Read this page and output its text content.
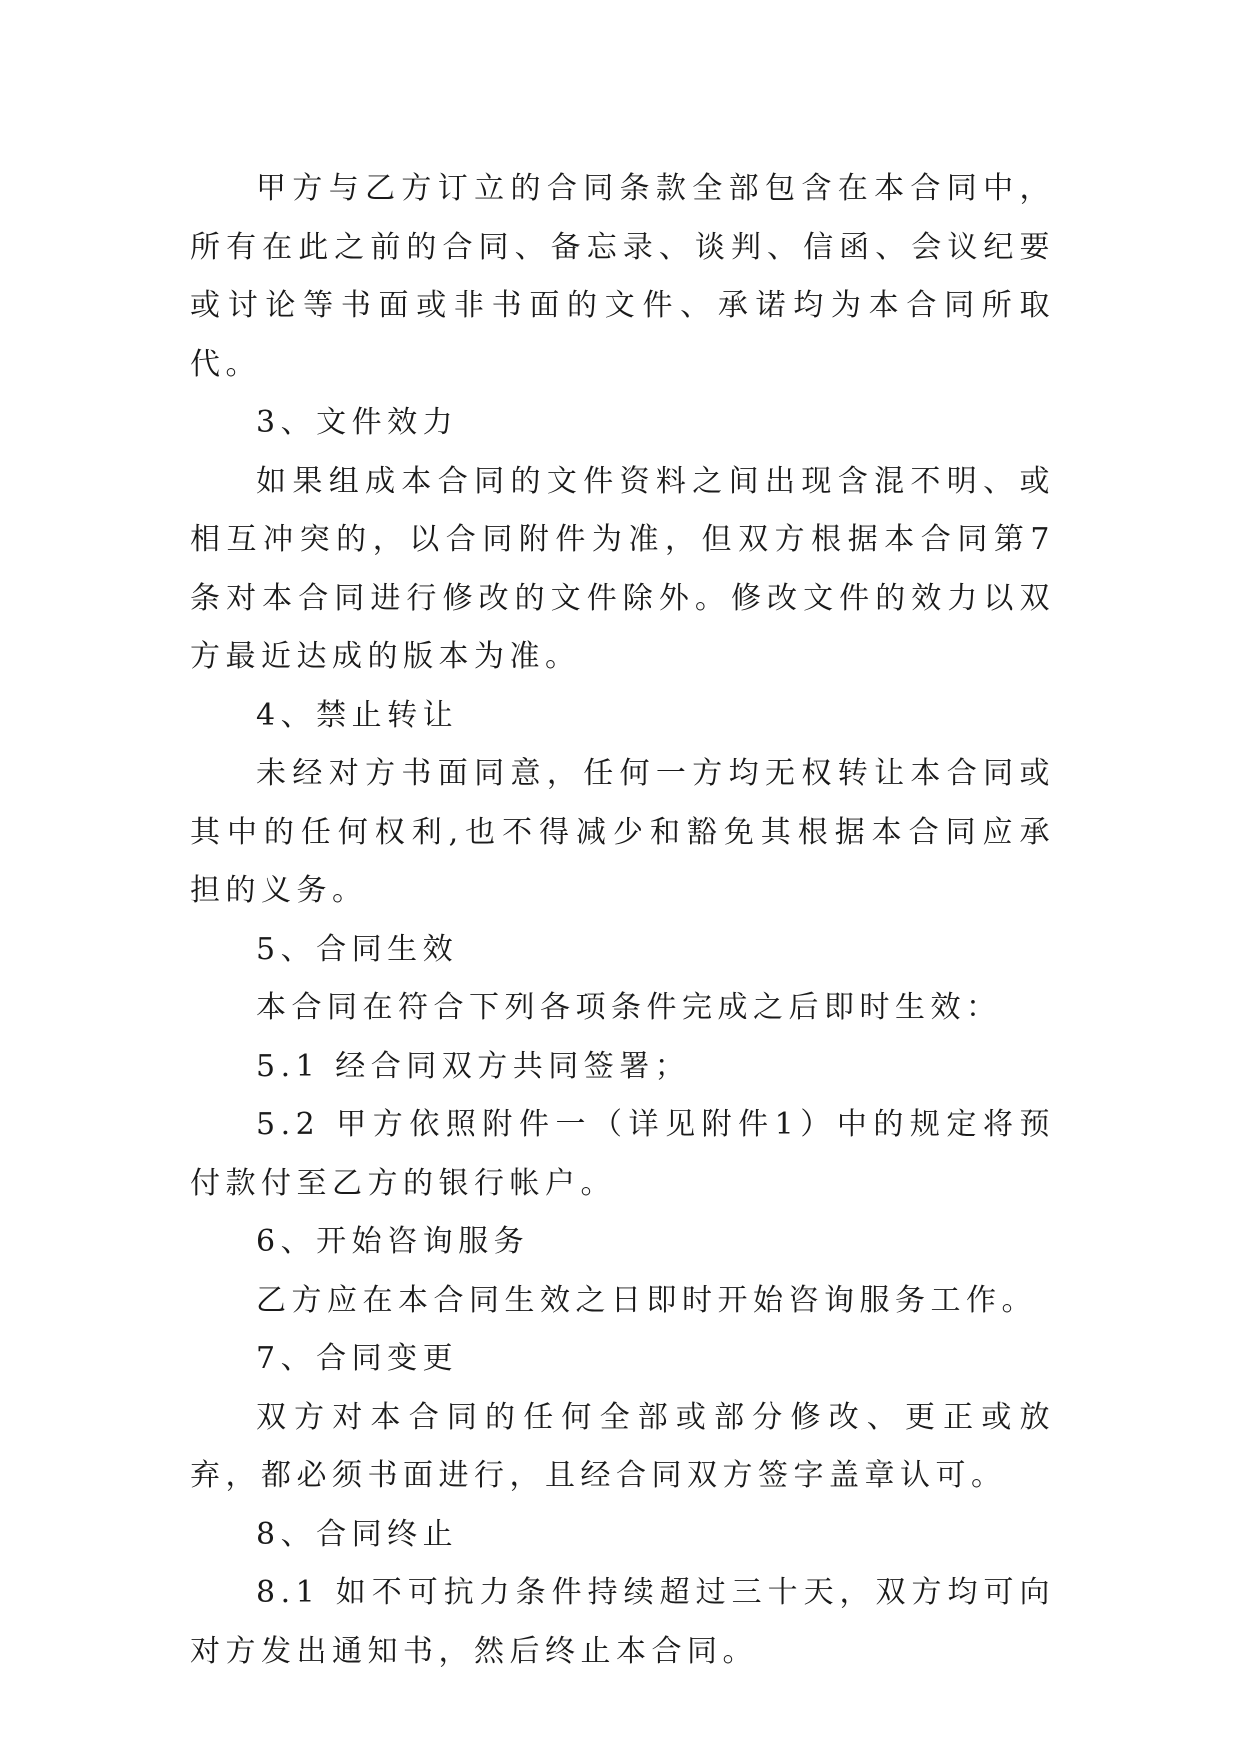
甲方与乙方订立的合同条款全部包含在本合同中，所有在此之前的合同、备忘录、谈判、信函、会议纪要或讨论等书面或非书面的文件、承诺均为本合同所取代。

3、文件效力

如果组成本合同的文件资料之间出现含混不明、或相互冲突的，以合同附件为准，但双方根据本合同第7条对本合同进行修改的文件除外。修改文件的效力以双方最近达成的版本为准。

4、禁止转让

未经对方书面同意，任何一方均无权转让本合同或其中的任何权利,也不得减少和豁免其根据本合同应承担的义务。

5、合同生效

本合同在符合下列各项条件完成之后即时生效：

5.1 经合同双方共同签署；

5.2 甲方依照附件一（详见附件1）中的规定将预付款付至乙方的银行帐户。

6、开始咨询服务

乙方应在本合同生效之日即时开始咨询服务工作。

7、合同变更

双方对本合同的任何全部或部分修改、更正或放弃，都必须书面进行，且经合同双方签字盖章认可。

8、合同终止

8.1 如不可抗力条件持续超过三十天，双方均可向对方发出通知书，然后终止本合同。
